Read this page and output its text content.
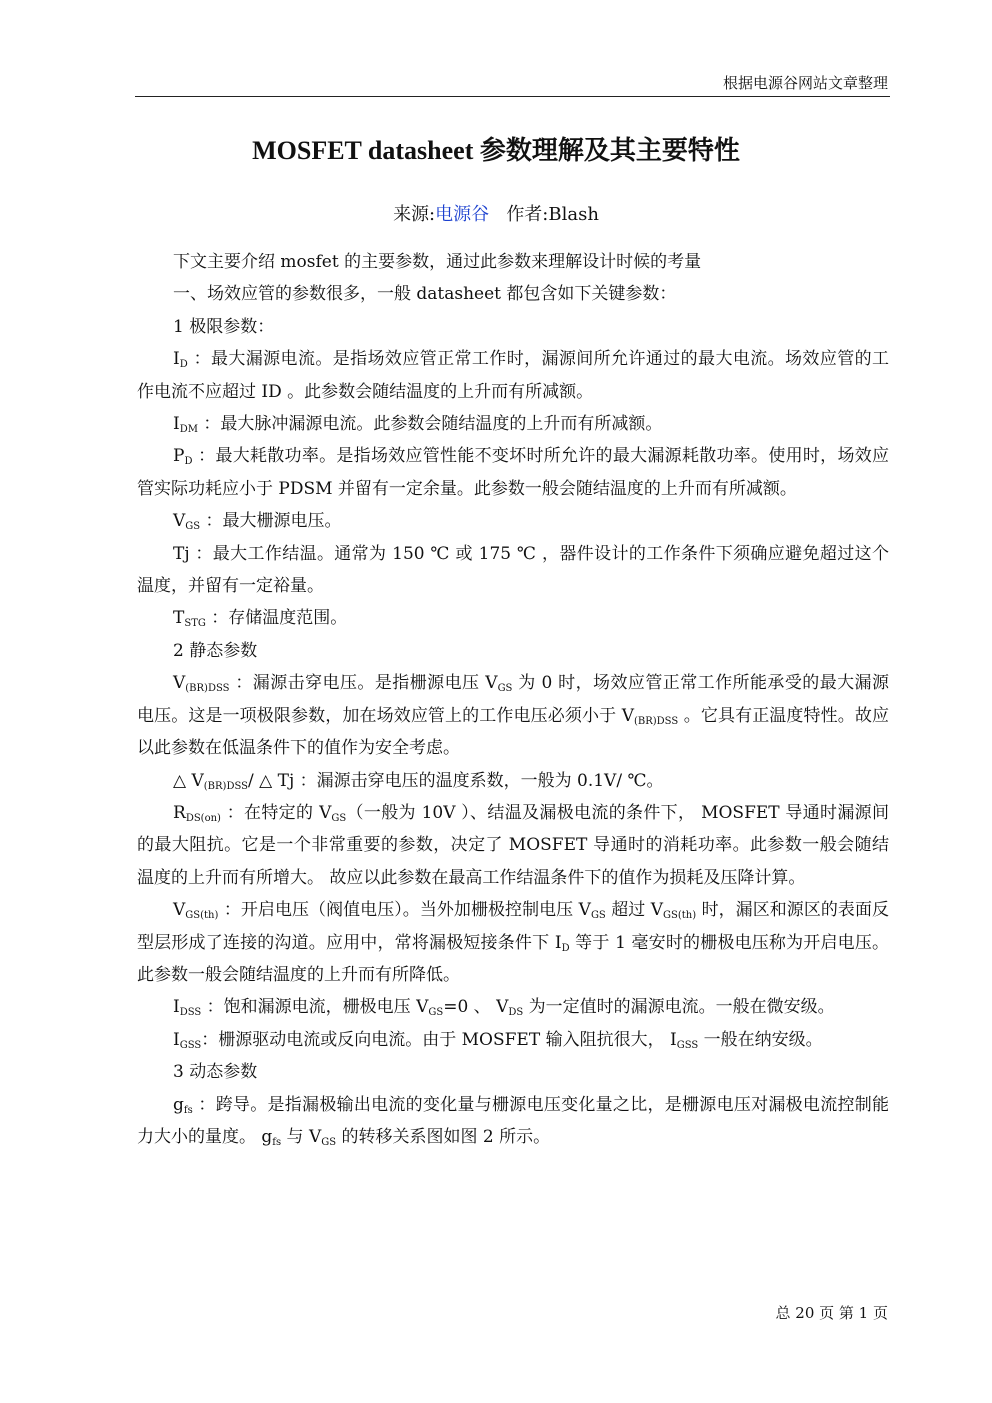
根据电源谷网站文章整理
MOSFET datasheet 参数理解及其主要特性
来源:电源谷 作者:Blash

下文主要介绍 mosfet 的主要参数，通过此参数来理解设计时候的考量

一、场效应管的参数很多，一般 datasheet 都包含如下关键参数：

1 极限参数：

$I_D$ ：最大漏源电流。是指场效应管正常工作时，漏源间所允许通过的最大电流。场效应管的工作电流不应超过 ID 。此参数会随结温度的上升而有所减额。

$I_{DM}$ ：最大脉冲漏源电流。此参数会随结温度的上升而有所减额。

$P_D$ ：最大耗散功率。是指场效应管性能不变坏时所允许的最大漏源耗散功率。使用时，场效应管实际功耗应小于 PDSM 并留有一定余量。此参数一般会随结温度的上升而有所减额。

$V_{GS}$ ：最大栅源电压。

Tj ：最大工作结温。通常为 150 ℃ 或 175 ℃ ，器件设计的工作条件下须确应避免超过这个温度，并留有一定裕量。

$T_{STG}$ ：存储温度范围。

2 静态参数

$V_{(BR)DSS}$ ：漏源击穿电压。是指栅源电压 $V_{GS}$ 为 0 时，场效应管正常工作所能承受的最大漏源电压。这是一项极限参数，加在场效应管上的工作电压必须小于 $V_{(BR)DSS}$ 。它具有正温度特性。故应以此参数在低温条件下的值作为安全考虑。

△ $V_{(BR)DSS}/$ △ Tj ：漏源击穿电压的温度系数，一般为 0.1V/ ℃。

$R_{DS(on)}$ ：在特定的 $V_{GS}$（一般为 10V ）、结温及漏极电流的条件下， MOSFET 导通时漏源间的最大阻抗。它是一个非常重要的参数，决定了 MOSFET 导通时的消耗功率。此参数一般会随结温度的上升而有所增大。 故应以此参数在最高工作结温条件下的值作为损耗及压降计算。

$V_{GS(th)}$ ：开启电压（阀值电压）。当外加栅极控制电压 $V_{GS}$ 超过 $V_{GS(th)}$ 时，漏区和源区的表面反型层形成了连接的沟道。应用中，常将漏极短接条件下 $I_D$ 等于 1 毫安时的栅极电压称为开启电压。此参数一般会随结温度的上升而有所降低。

$I_{DSS}$ ：饱和漏源电流，栅极电压 $V_{GS}=0$ 、 $V_{DS}$ 为一定值时的漏源电流。一般在微安级。

$I_{GSS}$：栅源驱动电流或反向电流。由于 MOSFET 输入阻抗很大， $I_{GSS}$ 一般在纳安级。

3 动态参数

$g_{fs}$ ：跨导。是指漏极输出电流的变化量与栅源电压变化量之比，是栅源电压对漏极电流控制能力大小的量度。 $g_{fs}$ 与 $V_{GS}$ 的转移关系图如图 2 所示。

总 20 页 第 1 页
